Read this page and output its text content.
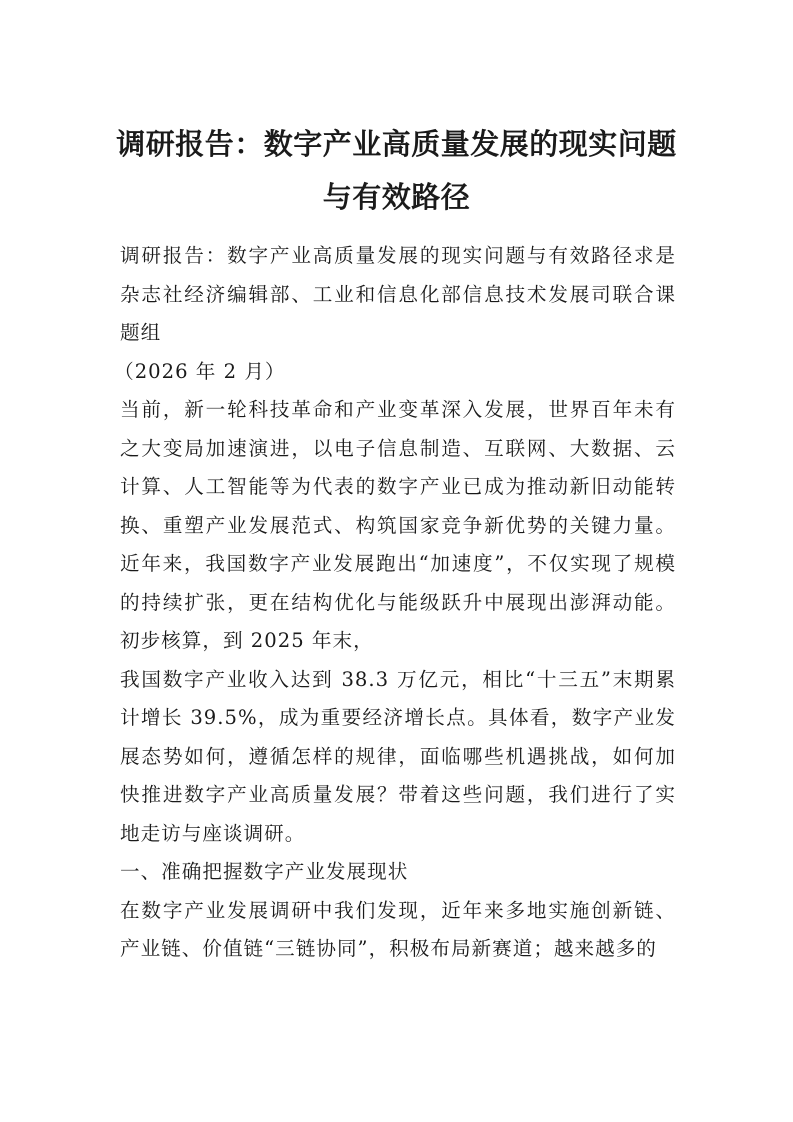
调研报告：数字产业高质量发展的现实问题
与有效路径

调研报告：数字产业高质量发展的现实问题与有效路径求是杂志社经济编辑部、工业和信息化部信息技术发展司联合课题组

（2026 年 2 月）

当前，新一轮科技革命和产业变革深入发展，世界百年未有之大变局加速演进，以电子信息制造、互联网、大数据、云计算、人工智能等为代表的数字产业已成为推动新旧动能转换、重塑产业发展范式、构筑国家竞争新优势的关键力量。近年来，我国数字产业发展跑出“加速度”，不仅实现了规模的持续扩张，更在结构优化与能级跃升中展现出澎湃动能。初步核算，到 2025 年末，

我国数字产业收入达到 38.3 万亿元，相比“十三五”末期累计增长 39.5%，成为重要经济增长点。具体看，数字产业发展态势如何，遵循怎样的规律，面临哪些机遇挑战，如何加快推进数字产业高质量发展？带着这些问题，我们进行了实地走访与座谈调研。

一、准确把握数字产业发展现状

在数字产业发展调研中我们发现，近年来多地实施创新链、产业链、价值链“三链协同”，积极布局新赛道；越来越多的
